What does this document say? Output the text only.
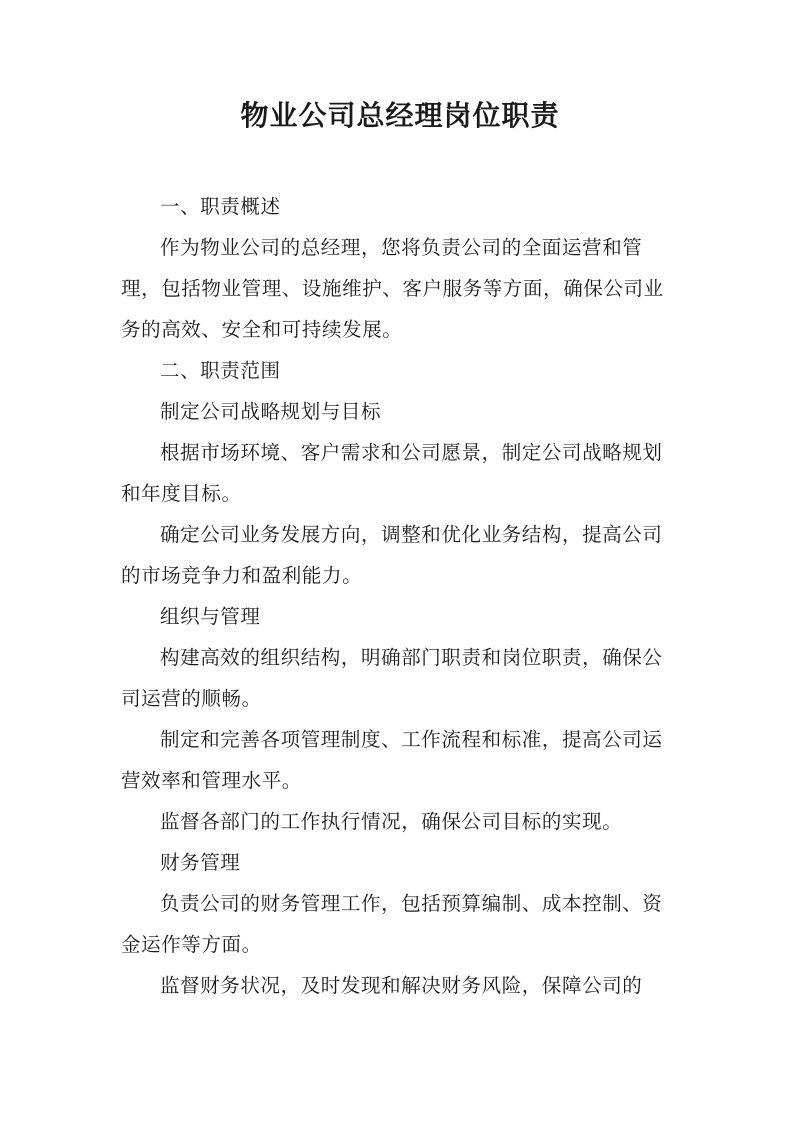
物业公司总经理岗位职责

一、职责概述

作为物业公司的总经理，您将负责公司的全面运营和管理，包括物业管理、设施维护、客户服务等方面，确保公司业务的高效、安全和可持续发展。

二、职责范围

制定公司战略规划与目标

根据市场环境、客户需求和公司愿景，制定公司战略规划和年度目标。

确定公司业务发展方向，调整和优化业务结构，提高公司的市场竞争力和盈利能力。

组织与管理

构建高效的组织结构，明确部门职责和岗位职责，确保公司运营的顺畅。

制定和完善各项管理制度、工作流程和标准，提高公司运营效率和管理水平。

监督各部门的工作执行情况，确保公司目标的实现。

财务管理

负责公司的财务管理工作，包括预算编制、成本控制、资金运作等方面。

监督财务状况，及时发现和解决财务风险，保障公司的
